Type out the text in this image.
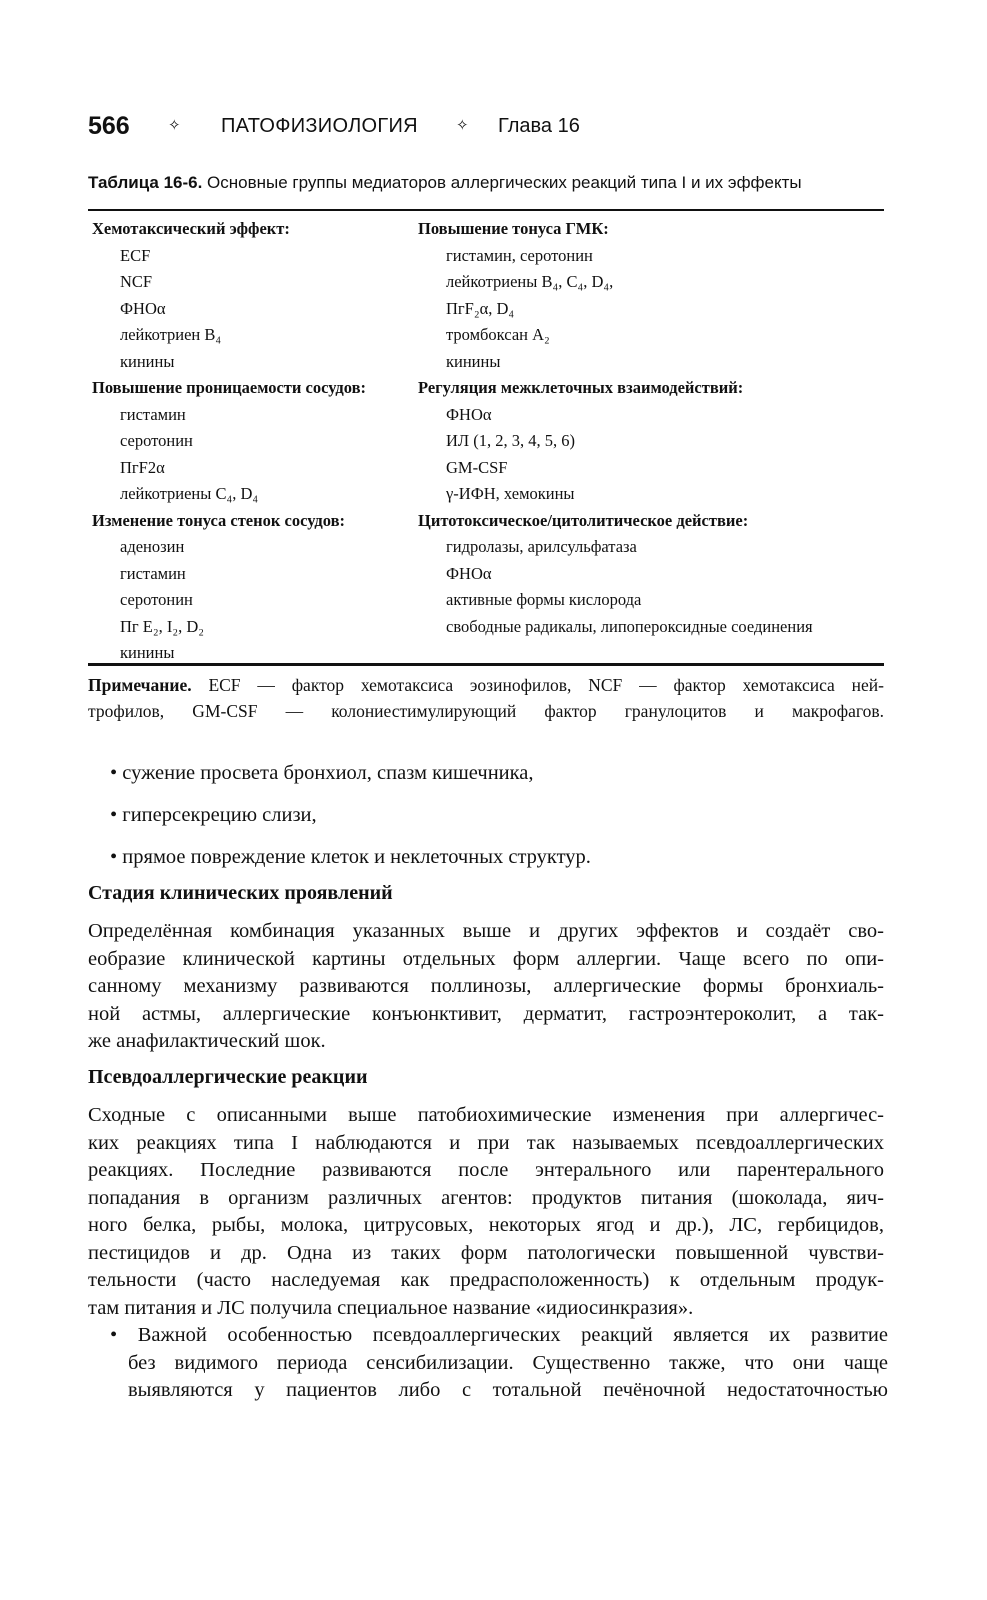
566	✧ ПАТОФИЗИОЛОГИЯ	✧ Глава 16
Таблица 16-6. Основные группы медиаторов аллергических реакций типа I и их эффекты
Хемотаксический эффект:
ECF
NCF
ФНОα
лейкотриен B₄
кинины
Повышение проницаемости сосудов:
гистамин
серотонин
ПгF2α
лейкотриены C₄, D₄
Изменение тонуса стенок сосудов:
аденозин
гистамин
серотонин
Пг E₂, I₂, D₂
кинины
Повышение тонуса ГМК:
гистамин, серотонин
лейкотриены B₄, C₄, D₄,
ПгF₂α, D₄
тромбоксан A₂
кинины
Регуляция межклеточных взаимодействий:
ФНОα
ИЛ (1, 2, 3, 4, 5, 6)
GM-CSF
γ-ИФН, хемокины
Цитотоксическое/цитолитическое действие:
гидролазы, арилсульфатаза
ФНОα
активные формы кислорода
свободные радикалы, липопероксидные соединения
Примечание. ECF — фактор хемотаксиса эозинофилов, NCF — фактор хемотаксиса ней-
трофилов, GM-CSF — колониестимулирующий фактор гранулоцитов и макрофагов.
• сужение просвета бронхиол, спазм кишечника,
• гиперсекрецию слизи,
• прямое повреждение клеток и неклеточных структур.
Стадия клинических проявлений
Определённая комбинация указанных выше и других эффектов и создаёт сво-
еобразие клинической картины отдельных форм аллергии. Чаще всего по опи-
санному механизму развиваются поллинозы, аллергические формы бронхиаль-
ной астмы, аллергические конъюнктивит, дерматит, гастроэнтероколит, а так-
же анафилактический шок.
Псевдоаллергические реакции
Сходные с описанными выше патобиохимические изменения при аллергичес-
ких реакциях типа I наблюдаются и при так называемых псевдоаллергических
реакциях. Последние развиваются после энтерального или парентерального
попадания в организм различных агентов: продуктов питания (шоколада, яич-
ного белка, рыбы, молока, цитрусовых, некоторых ягод и др.), ЛС, гербицидов,
пестицидов и др. Одна из таких форм патологически повышенной чувстви-
тельности (часто наследуемая как предрасположенность) к отдельным продук-
там питания и ЛС получила специальное название «идиосинкразия».
• Важной особенностью псевдоаллергических реакций является их развитие
без видимого периода сенсибилизации. Существенно также, что они чаще
выявляются у пациентов либо с тотальной печёночной недостаточностью
